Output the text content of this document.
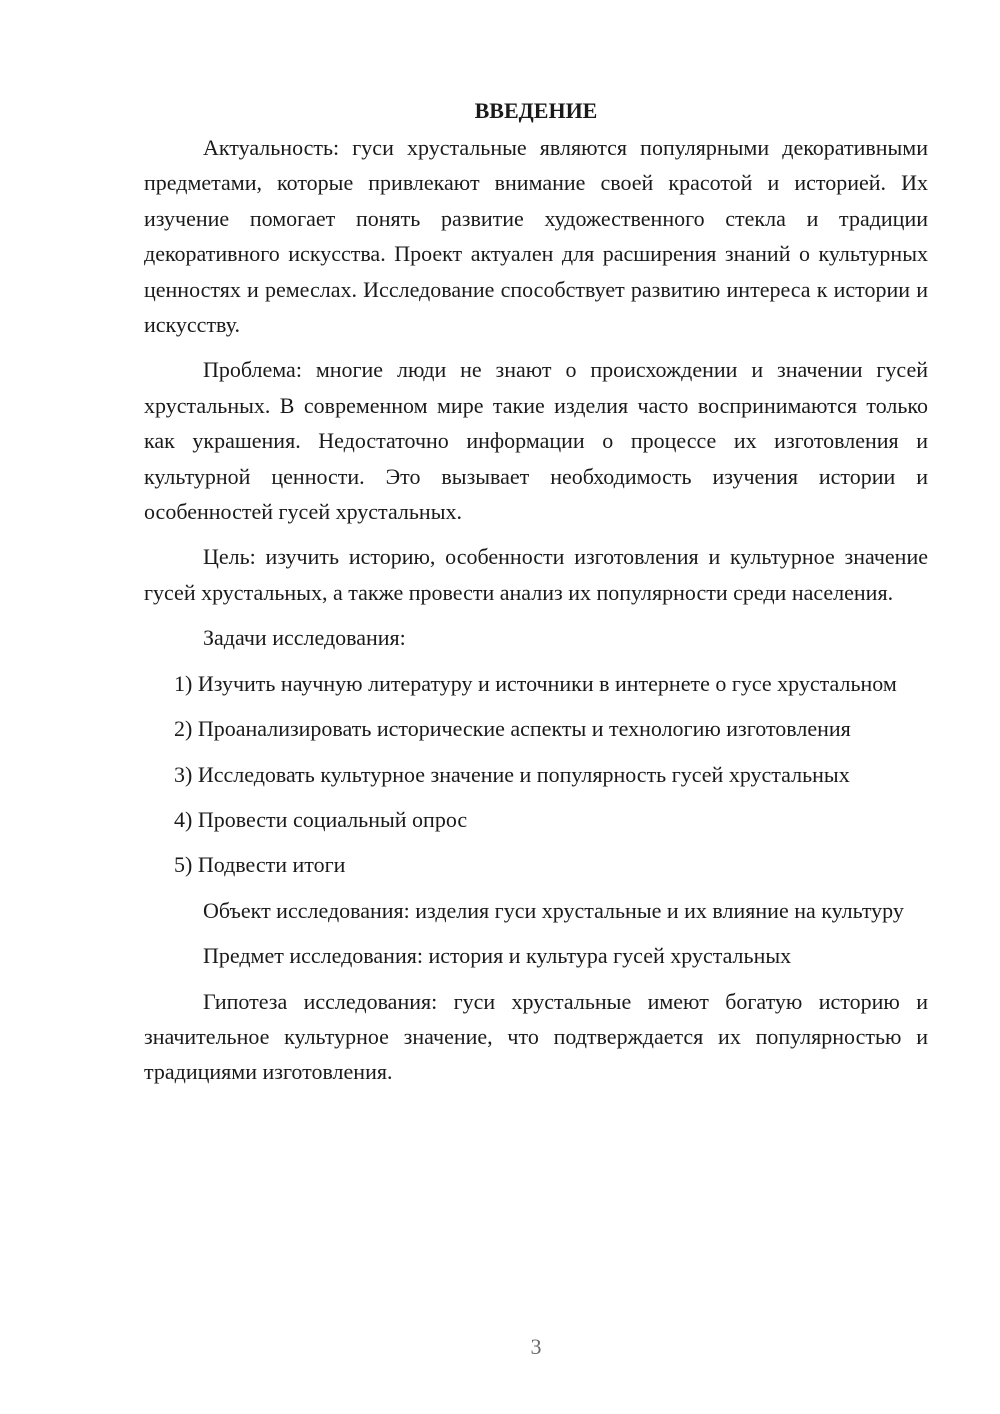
ВВЕДЕНИЕ

Актуальность: гуси хрустальные являются популярными декоративными предметами, которые привлекают внимание своей красотой и историей. Их изучение помогает понять развитие художественного стекла и традиции декоративного искусства. Проект актуален для расширения знаний о культурных ценностях и ремеслах. Исследование способствует развитию интереса к истории и искусству.

Проблема: многие люди не знают о происхождении и значении гусей хрустальных. В современном мире такие изделия часто воспринимаются только как украшения. Недостаточно информации о процессе их изготовления и культурной ценности. Это вызывает необходимость изучения истории и особенностей гусей хрустальных.

Цель: изучить историю, особенности изготовления и культурное значение гусей хрустальных, а также провести анализ их популярности среди населения.

Задачи исследования:

1) Изучить научную литературу и источники в интернете о гусе хрустальном

2) Проанализировать исторические аспекты и технологию изготовления

3) Исследовать культурное значение и популярность гусей хрустальных

4) Провести социальный опрос

5) Подвести итоги

Объект исследования: изделия гуси хрустальные и их влияние на культуру

Предмет исследования: история и культура гусей хрустальных

Гипотеза исследования: гуси хрустальные имеют богатую историю и значительное культурное значение, что подтверждается их популярностью и традициями изготовления.

3
